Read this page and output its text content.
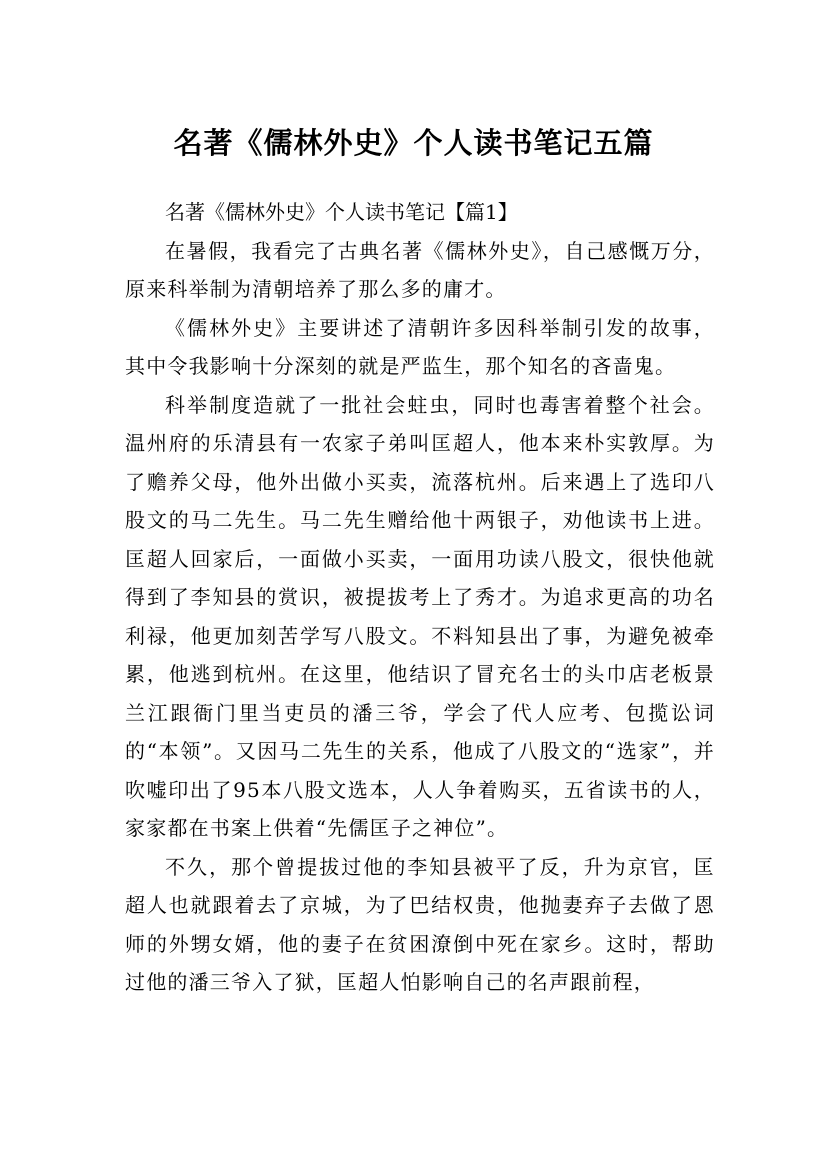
名著《儒林外史》个人读书笔记五篇

名著《儒林外史》个人读书笔记【篇1】

在暑假，我看完了古典名著《儒林外史》，自己感慨万分，原来科举制为清朝培养了那么多的庸才。

《儒林外史》主要讲述了清朝许多因科举制引发的故事，其中令我影响十分深刻的就是严监生，那个知名的吝啬鬼。

科举制度造就了一批社会蛀虫，同时也毒害着整个社会。温州府的乐清县有一农家子弟叫匡超人，他本来朴实敦厚。为了赡养父母，他外出做小买卖，流落杭州。后来遇上了选印八股文的马二先生。马二先生赠给他十两银子，劝他读书上进。匡超人回家后，一面做小买卖，一面用功读八股文，很快他就得到了李知县的赏识，被提拔考上了秀才。为追求更高的功名利禄，他更加刻苦学写八股文。不料知县出了事，为避免被牵累，他逃到杭州。在这里，他结识了冒充名士的头巾店老板景兰江跟衙门里当吏员的潘三爷，学会了代人应考、包揽讼词的“本领”。又因马二先生的关系，他成了八股文的“选家”，并吹嘘印出了95本八股文选本，人人争着购买，五省读书的人，家家都在书案上供着“先儒匡子之神位”。

不久，那个曾提拔过他的李知县被平了反，升为京官，匡超人也就跟着去了京城，为了巴结权贵，他抛妻弃子去做了恩师的外甥女婿，他的妻子在贫困潦倒中死在家乡。这时，帮助过他的潘三爷入了狱，匡超人怕影响自己的名声跟前程，
